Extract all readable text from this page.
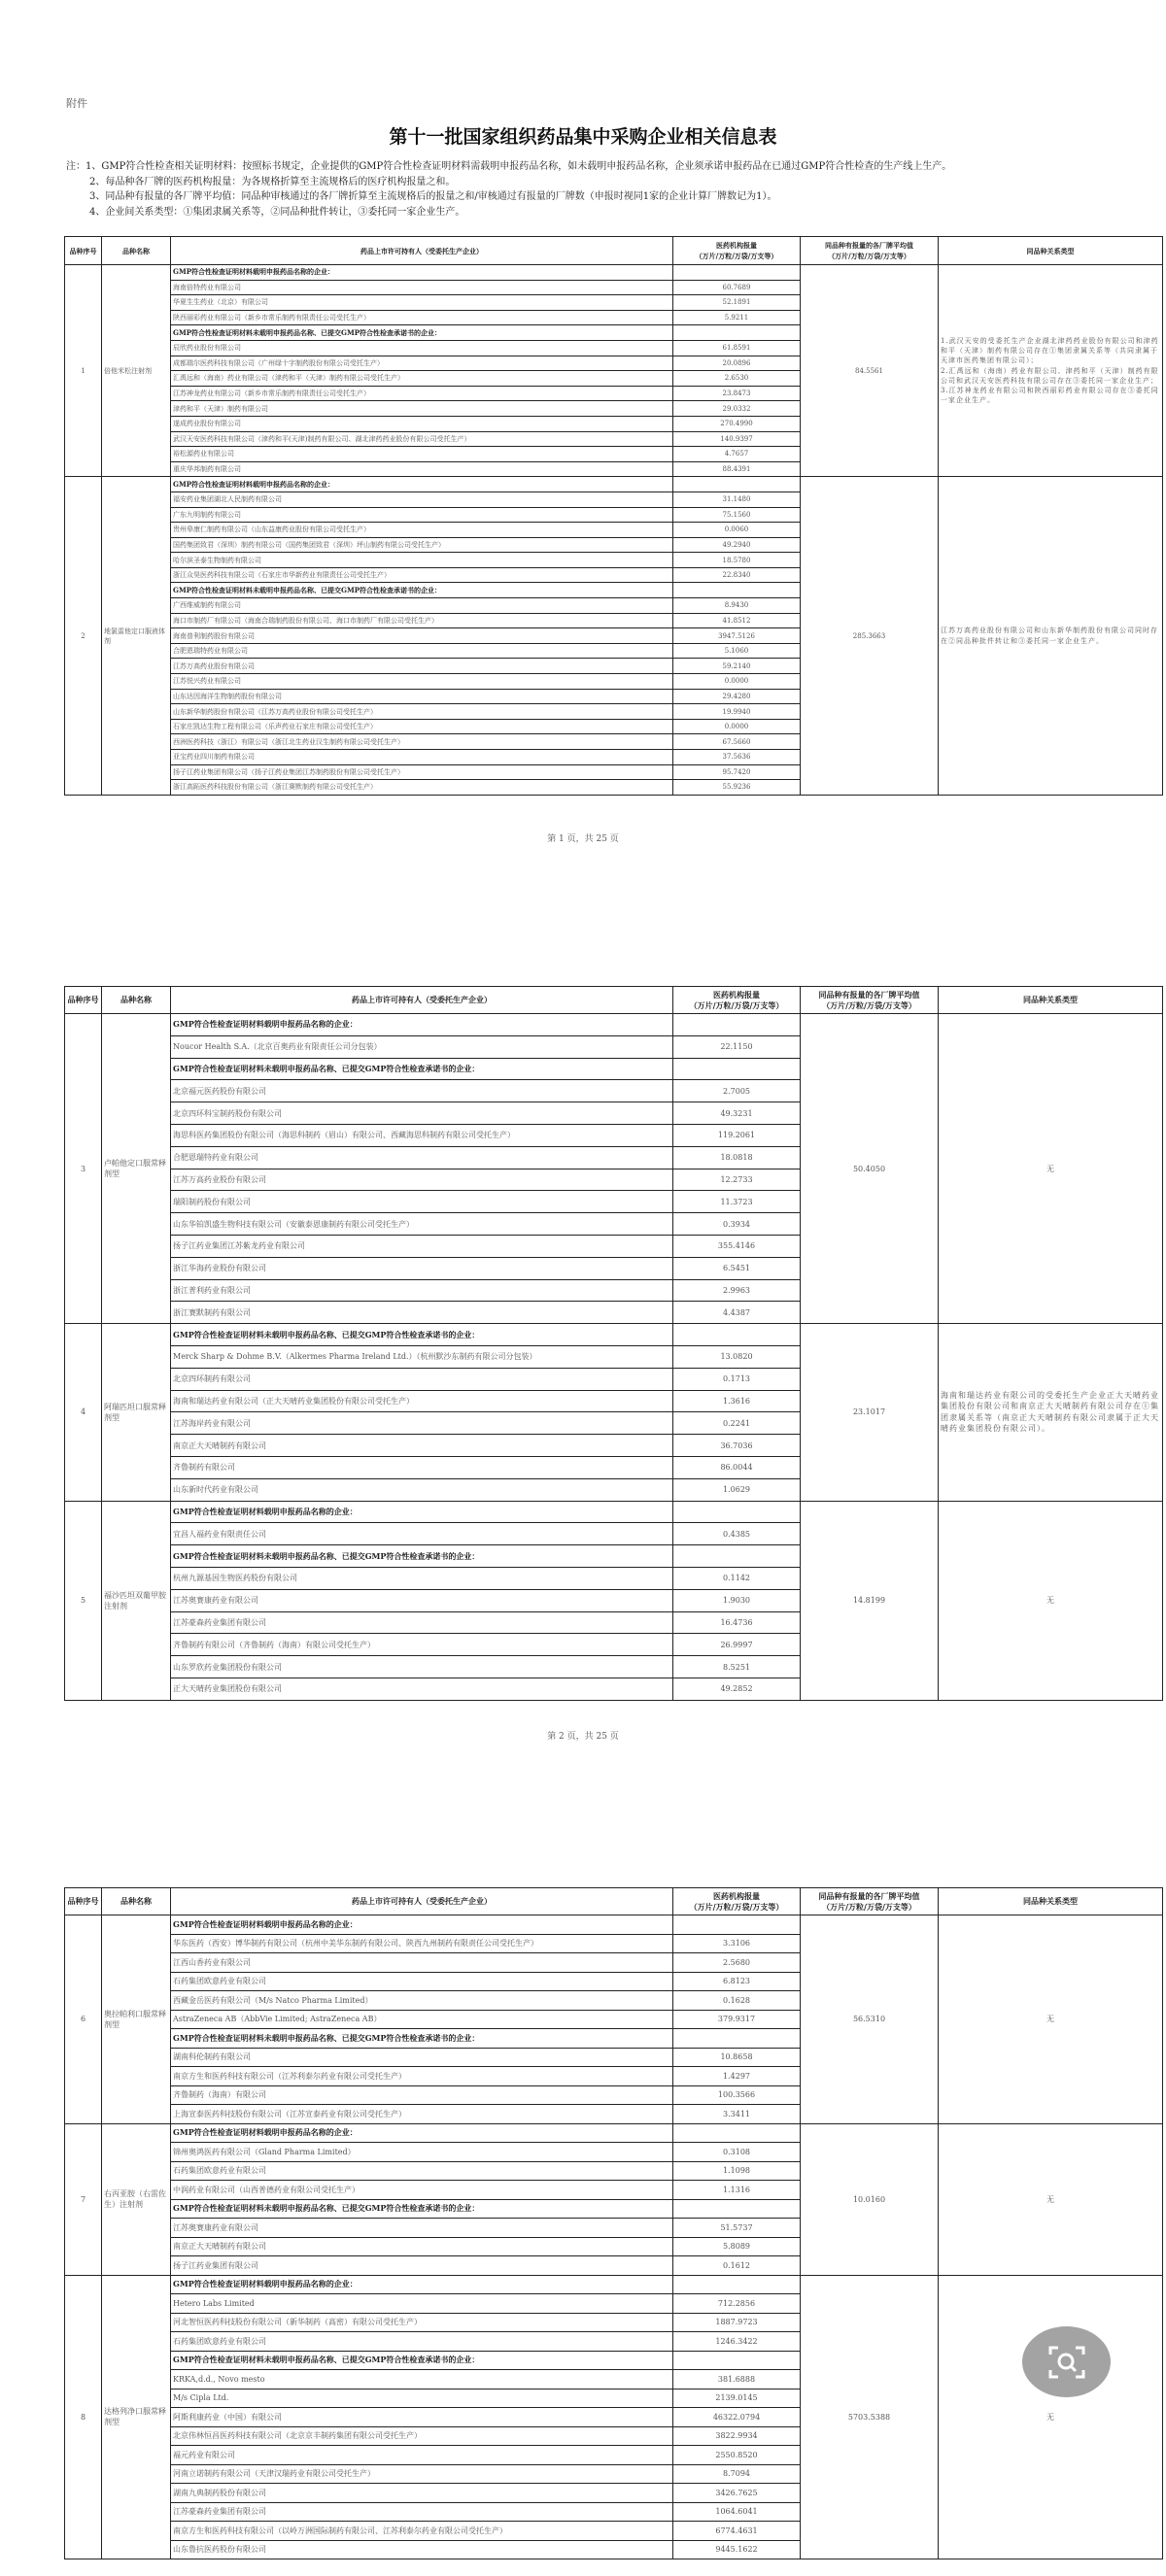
附件
第十一批国家组织药品集中采购企业相关信息表
注：1、GMP符合性检查相关证明材料：按照标书规定，企业提供的GMP符合性检查证明材料需载明申报药品名称，如未载明申报药品名称，企业须承诺申报药品在已通过GMP符合性检查的生产线上生产。
2、每品种各厂牌的医药机构报量：为各规格折算至主流规格后的医疗机构报量之和。
3、同品种有报量的各厂牌平均值：同品种审核通过的各厂牌折算至主流规格后的报量之和/审核通过有报量的厂牌数（申报时视同1家的企业计算厂牌数记为1）。
4、企业间关系类型：①集团隶属关系等，②同品种批件转让，③委托同一家企业生产。
品种序号	品种名称	药品上市许可持有人（受委托生产企业）	医药机构报量
（万片/万粒/万袋/万支等）	同品种有报量的各厂牌平均值
（万片/万粒/万袋/万支等）	同品种关系类型
1	倍他米松注射剂	GMP符合性检查证明材料载明申报药品名称的企业：		84.5561	1.武汉天安的受委托生产企业湖北津药药业股份有限公司和津药和平（天津）制药有限公司存在①集团隶属关系等（共同隶属于天津市医药集团有限公司）；
2.汇禹远和（海南）药业有限公司、津药和平（天津）制药有限公司和武汉天安医药科技有限公司存在③委托同一家企业生产；
3.江苏神龙药业有限公司和陕西丽彩药业有限公司存在③委托同一家企业生产。
		海南倍特药业有限公司	60.7689		
		华夏生生药业（北京）有限公司	52.1891		
		陕西丽彩药业有限公司（新乡市常乐制药有限责任公司受托生产）	5.9211		
		GMP符合性检查证明材料未载明申报药品名称、已提交GMP符合性检查承诺书的企业：			
		辰欣药业股份有限公司	61.8591		
		成都瑞尔医药科技有限公司（广州绿十字制药股份有限公司受托生产）	20.0896		
		汇禹远和（海南）药业有限公司（津药和平（天津）制药有限公司受托生产）	2.6530		
		江苏神龙药业有限公司（新乡市常乐制药有限责任公司受托生产）	23.8473		
		津药和平（天津）制药有限公司	29.0332		
		遂成药业股份有限公司	270.4990		
		武汉天安医药科技有限公司（津药和平(天津)制药有限公司、湖北津药药业股份有限公司受托生产）	140.9397		
		裕松源药业有限公司	4.7657		
		重庆华邦制药有限公司	88.4391		
2	地氯雷他定口服液体剂	GMP符合性检查证明材料载明申报药品名称的企业：		285.3663	江苏万高药业股份有限公司和山东新华制药股份有限公司同时存在②同品种批件转让和③委托同一家企业生产。
		福安药业集团湖北人民制药有限公司	31.1480		
		广东九明制药有限公司	75.1560		
		贵州皋康仁制药有限公司（山东益康药业股份有限公司受托生产）	0.0060		
		国药集团致君（深圳）制药有限公司（国药集团致君（深圳）坪山制药有限公司受托生产）	49.2940		
		哈尔滨圣泰生物制药有限公司	18.5780		
		浙江众昊医药科技有限公司（石家庄市华新药业有限责任公司受托生产）	22.8340		
		GMP符合性检查证明材料未载明申报药品名称、已提交GMP符合性检查承诺书的企业：			
		广西维威制药有限公司	8.9430		
		海口市制药厂有限公司（海南合瑞制药股份有限公司、海口市制药厂有限公司受托生产）	41.8512		
		海南普利制药股份有限公司	3947.5126		
		合肥恩瑞特药业有限公司	5.1060		
		江苏万高药业股份有限公司	59.2140		
		江苏悦兴药业有限公司	0.0000		
		山东达因海洋生物制药股份有限公司	29.4280		
		山东新华制药股份有限公司（江苏万高药业股份有限公司受托生产）	19.9940		
		石家庄凯达生物工程有限公司（乐声药业石家庄有限公司受托生产）	0.0000		
		西洲医药科技（浙江）有限公司（浙江北生药业汉生制药有限公司受托生产）	67.5660		
		亚宝药业四川制药有限公司	37.5636		
		扬子江药业集团有限公司（扬子江药业集团江苏制药股份有限公司受托生产）	95.7420		
		浙江高跖医药科技股份有限公司（浙江赛默制药有限公司受托生产）	55.9236		
第 1 页，共 25 页
品种序号	品种名称	药品上市许可持有人（受委托生产企业）	医药机构报量
（万片/万粒/万袋/万支等）	同品种有报量的各厂牌平均值
（万片/万粒/万袋/万支等）	同品种关系类型
3	卢帕他定口服常释剂型	GMP符合性检查证明材料载明申报药品名称的企业：		50.4050	无
		Noucor Health S.A.（北京百奥药业有限责任公司分包装）	22.1150		
		GMP符合性检查证明材料未载明申报药品名称、已提交GMP符合性检查承诺书的企业：			
		北京福元医药股份有限公司	2.7005		
		北京四环科宝制药股份有限公司	49.3231		
		海思科医药集团股份有限公司（海思科制药（眉山）有限公司、西藏海思科制药有限公司受托生产）	119.2061		
		合肥恩瑞特药业有限公司	18.0818		
		江苏万高药业股份有限公司	12.2733		
		瑞阳制药股份有限公司	11.3723		
		山东华铂凯盛生物科技有限公司（安徽泰恩康制药有限公司受托生产）	0.3934		
		扬子江药业集团江苏紫龙药业有限公司	355.4146		
		浙江华海药业股份有限公司	6.5451		
		浙江普利药业有限公司	2.9963		
		浙江赛默制药有限公司	4.4387		
4	阿瑞匹坦口服常释剂型	GMP符合性检查证明材料未载明申报药品名称、已提交GMP符合性检查承诺书的企业：		23.1017	海南和瑞达药业有限公司的受委托生产企业正大天晴药业集团股份有限公司和南京正大天晴制药有限公司存在①集团隶属关系等（南京正大天晴制药有限公司隶属于正大天晴药业集团股份有限公司）。
		Merck Sharp & Dohme B.V.（Alkermes Pharma Ireland Ltd.）（杭州默沙东制药有限公司分包装）	13.0820		
		北京四环制药有限公司	0.1713		
		海南和瑞达药业有限公司（正大天晴药业集团股份有限公司受托生产）	1.3616		
		江苏海岸药业有限公司	0.2241		
		南京正大天晴制药有限公司	36.7036		
		齐鲁制药有限公司	86.0044		
		山东新时代药业有限公司	1.0629		
5	福沙匹坦双葡甲胺注射剂	GMP符合性检查证明材料载明申报药品名称的企业：		14.8199	无
		宜昌人福药业有限责任公司	0.4385		
		GMP符合性检查证明材料未载明申报药品名称、已提交GMP符合性检查承诺书的企业：			
		杭州九源基因生物医药股份有限公司	0.1142		
		江苏奥赛康药业有限公司	1.9030		
		江苏豪森药业集团有限公司	16.4736		
		齐鲁制药有限公司（齐鲁制药（海南）有限公司受托生产）	26.9997		
		山东罗欣药业集团股份有限公司	8.5251		
		正大天晴药业集团股份有限公司	49.2852		
第 2 页，共 25 页
品种序号	品种名称	药品上市许可持有人（受委托生产企业）	医药机构报量
（万片/万粒/万袋/万支等）	同品种有报量的各厂牌平均值
（万片/万粒/万袋/万支等）	同品种关系类型
6	奥拉帕利口服常释剂型	GMP符合性检查证明材料载明申报药品名称的企业：		56.5310	无
		华东医药（西安）博华制药有限公司（杭州中美华东制药有限公司、陕西九州制药有限责任公司受托生产）	3.3106		
		江西山香药业有限公司	2.5680		
		石药集团欧意药业有限公司	6.8123		
		西藏金岳医药有限公司（M/s Natco Pharma Limited）	0.1628		
		AstraZeneca AB（AbbVie Limited; AstraZeneca AB）	379.9317		
		GMP符合性检查证明材料未载明申报药品名称、已提交GMP符合性检查承诺书的企业：			
		湖南科伦制药有限公司	10.8658		
		南京方生和医药科技有限公司（江苏利泰尔药业有限公司受托生产）	1.4297		
		齐鲁制药（海南）有限公司	100.3566		
		上海宣泰医药科技股份有限公司（江苏宣泰药业有限公司受托生产）	3.3411		
7	右丙亚胺（右雷佐生）注射剂	GMP符合性检查证明材料载明申报药品名称的企业：		10.0160	无
		锦州奥鸿医药有限公司（Gland Pharma Limited）	0.3108		
		石药集团欧意药业有限公司	1.1098		
		中润药业有限公司（山西普德药业有限公司受托生产）	1.1316		
		GMP符合性检查证明材料未载明申报药品名称、已提交GMP符合性检查承诺书的企业：			
		江苏奥赛康药业有限公司	51.5737		
		南京正大天晴制药有限公司	5.8089		
		扬子江药业集团有限公司	0.1612		
8	达格列净口服常释剂型	GMP符合性检查证明材料载明申报药品名称的企业：		5703.5388	无
		Hetero Labs Limited	712.2856		
		河北智恒医药科技股份有限公司（新华制药（高密）有限公司受托生产）	1887.9723		
		石药集团欧意药业有限公司	1246.3422		
		GMP符合性检查证明材料未载明申报药品名称、已提交GMP符合性检查承诺书的企业：			
		KRKA,d.d., Novo mesto	381.6888		
		M/s Cipla Ltd.	2139.0145		
		阿斯利康药业（中国）有限公司	46322.0794		
		北京伟林恒昌医药科技有限公司（北京京丰制药集团有限公司受托生产）	3822.9934		
		福元药业有限公司	2550.8520		
		河南立诺制药有限公司（天津汉瑞药业有限公司受托生产）	8.7094		
		湖南九典制药股份有限公司	3426.7625		
		江苏豪森药业集团有限公司	1064.6041		
		南京方生和医药科技有限公司（以岭万洲国际制药有限公司、江苏利泰尔药业有限公司受托生产）	6774.4631		
		山东鲁抗医药股份有限公司	9445.1622		
